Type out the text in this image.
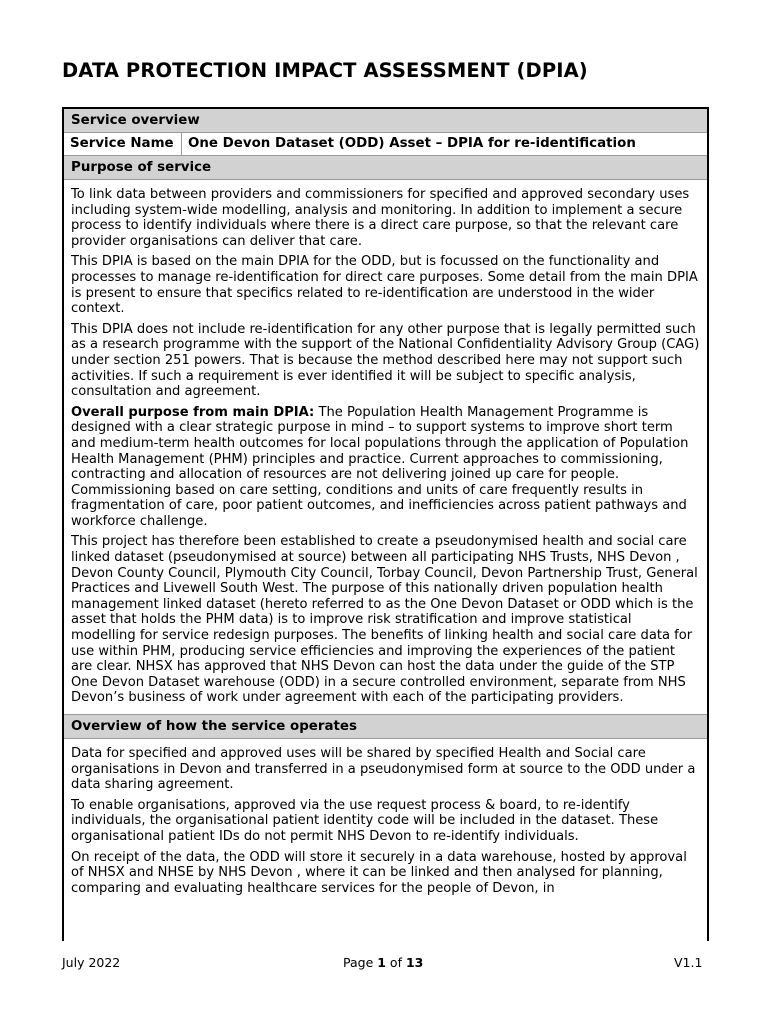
DATA PROTECTION IMPACT ASSESSMENT (DPIA)
Service overview
Service Name	One Devon Dataset (ODD) Asset – DPIA for re-identification
Purpose of service

To link data between providers and commissioners for specified and approved secondary uses including system-wide modelling, analysis and monitoring. In addition to implement a secure process to identify individuals where there is a direct care purpose, so that the relevant care provider organisations can deliver that care.

This DPIA is based on the main DPIA for the ODD, but is focussed on the functionality and processes to manage re-identification for direct care purposes. Some detail from the main DPIA is present to ensure that specifics related to re-identification are understood in the wider context.

This DPIA does not include re-identification for any other purpose that is legally permitted such as a research programme with the support of the National Confidentiality Advisory Group (CAG) under section 251 powers. That is because the method described here may not support such activities. If such a requirement is ever identified it will be subject to specific analysis, consultation and agreement.

Overall purpose from main DPIA: The Population Health Management Programme is designed with a clear strategic purpose in mind – to support systems to improve short term and medium-term health outcomes for local populations through the application of Population Health Management (PHM) principles and practice. Current approaches to commissioning, contracting and allocation of resources are not delivering joined up care for people. Commissioning based on care setting, conditions and units of care frequently results in fragmentation of care, poor patient outcomes, and inefficiencies across patient pathways and workforce challenge.

This project has therefore been established to create a pseudonymised health and social care linked dataset (pseudonymised at source) between all participating NHS Trusts, NHS Devon , Devon County Council, Plymouth City Council, Torbay Council, Devon Partnership Trust, General Practices and Livewell South West. The purpose of this nationally driven population health management linked dataset (hereto referred to as the One Devon Dataset or ODD which is the asset that holds the PHM data) is to improve risk stratification and improve statistical modelling for service redesign purposes. The benefits of linking health and social care data for use within PHM, producing service efficiencies and improving the experiences of the patient are clear. NHSX has approved that NHS Devon can host the data under the guide of the STP One Devon Dataset warehouse (ODD) in a secure controlled environment, separate from NHS Devon’s business of work under agreement with each of the participating providers.

Overview of how the service operates

Data for specified and approved uses will be shared by specified Health and Social care organisations in Devon and transferred in a pseudonymised form at source to the ODD under a data sharing agreement.

To enable organisations, approved via the use request process & board, to re-identify individuals, the organisational patient identity code will be included in the dataset. These organisational patient IDs do not permit NHS Devon to re-identify individuals.

On receipt of the data, the ODD will store it securely in a data warehouse, hosted by approval of NHSX and NHSE by NHS Devon , where it can be linked and then analysed for planning, comparing and evaluating healthcare services for the people of Devon, in

July 2022	Page 1 of 13	V1.1
